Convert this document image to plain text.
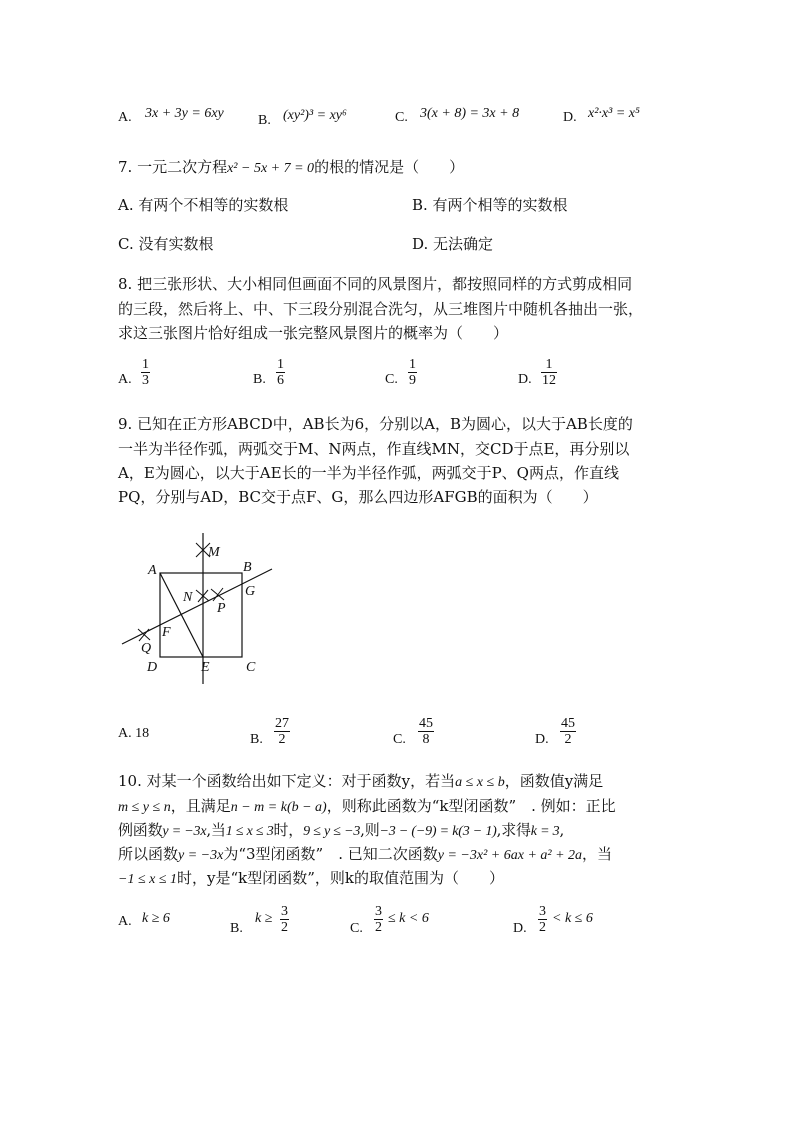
A. 3x + 3y = 6xy B. (xy²)³ = xy⁶	C. 3(x + 8) = 3x + 8	D. x²·x³ = x⁵
7. 一元二次方程x² − 5x + 7 = 0的根的情况是（　　）
A. 有两个不相等的实数根	B. 有两个相等的实数根
C. 没有实数根	D. 无法确定
8. 把三张形状、大小相同但画面不同的风景图片，都按照同样的方式剪成相同
的三段，然后将上、中、下三段分别混合洗匀，从三堆图片中随机各抽出一张，
求这三张图片恰好组成一张完整风景图片的概率为（　　）
A. $\frac{1}{3}$	B. $\frac{1}{6}$	C. $\frac{1}{9}$	D. $\frac{1}{12}$
9. 已知在正方形ABCD中，AB长为6，分别以A，B为圆心，以大于AB长度的
一半为半径作弧，两弧交于M、N两点，作直线MN，交CD于点E，再分别以
A，E为圆心，以大于AE长的一半为半径作弧，两弧交于P、Q两点，作直线
PQ，分别与AD，BC交于点F、G，那么四边形AFGB的面积为（　　）
A	B
C
D	E
F
G
M
N
P
Q
A. 18	B. $\frac{27}{2}$	C. $\frac{45}{8}$	D. $\frac{45}{2}$
10. 对某一个函数给出如下定义：对于函数y，若当a ≤ x ≤ b，函数值y满足
m ≤ y ≤ n，且满足n − m = k(b − a)，则称此函数为“k型闭函数”　. 例如：正比
例函数y = −3x,当1 ≤ x ≤ 3时，9 ≤ y ≤ −3,则−3 − (−9) = k(3 − 1),求得k = 3,
所以函数y = −3x为“3型闭函数”　. 已知二次函数y = −3x² + 6ax + a² + 2a，当
−1 ≤ x ≤ 1时，y是“k型闭函数”，则k的取值范围为（　　）
A. k ≥ 6
B.
$k \ge \frac{3}{2}$	C. $\frac{3}{2} \le k < 6$
D. $\frac{3}{2} < k \le 6$
